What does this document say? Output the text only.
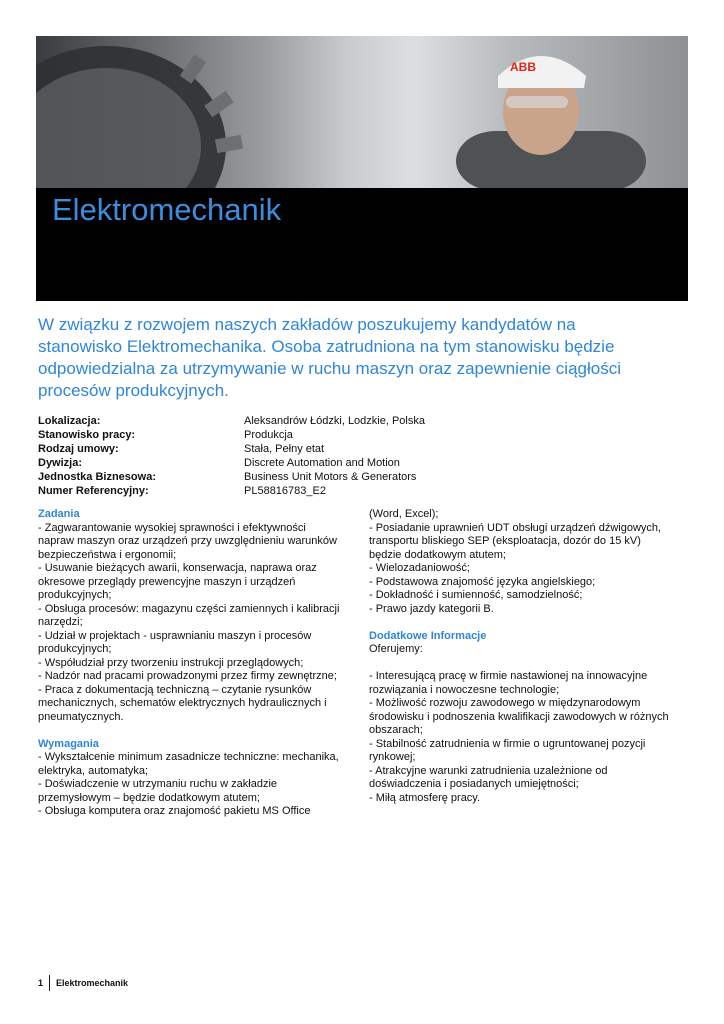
ABB
Elektromechanik
W związku z rozwojem naszych zakładów poszukujemy kandydatów na stanowisko Elektromechanika. Osoba zatrudniona na tym stanowisku będzie odpowiedzialna za utrzymywanie w ruchu maszyn oraz zapewnienie ciągłości procesów produkcyjnych.
Lokalizacja:	Aleksandrów Łódzki, Lodzkie, Polska
Stanowisko pracy:	Produkcja
Rodzaj umowy:	Stała, Pełny etat
Dywizja:	Discrete Automation and Motion
Jednostka Biznesowa:	Business Unit Motors & Generators
Numer Referencyjny:	PL58816783_E2
Zadania
- Zagwarantowanie wysokiej sprawności i efektywności
napraw maszyn oraz urządzeń przy uwzględnieniu warunków
bezpieczeństwa i ergonomii;
- Usuwanie bieżących awarii, konserwacja, naprawa oraz
okresowe przeglądy prewencyjne maszyn i urządzeń
produkcyjnych;
- Obsługa procesów: magazynu części zamiennych i kalibracji
narzędzi;
- Udział w projektach - usprawnianiu maszyn i procesów
produkcyjnych;
- Współudział przy tworzeniu instrukcji przeglądowych;
- Nadzór nad pracami prowadzonymi przez firmy zewnętrzne;
- Praca z dokumentacją techniczną – czytanie rysunków
mechanicznych, schematów elektrycznych hydraulicznych i
pneumatycznych.
Wymagania
- Wykształcenie minimum zasadnicze techniczne: mechanika,
elektryka, automatyka;
- Doświadczenie w utrzymaniu ruchu w zakładzie
przemysłowym – będzie dodatkowym atutem;
- Obsługa komputera oraz znajomość pakietu MS Office
(Word, Excel);
- Posiadanie uprawnień UDT obsługi urządzeń dźwigowych,
transportu bliskiego SEP (eksploatacja, dozór do 15 kV)
będzie dodatkowym atutem;
- Wielozadaniowość;
- Podstawowa znajomość języka angielskiego;
- Dokładność i sumienność, samodzielność;
- Prawo jazdy kategorii B.
Dodatkowe Informacje
Oferujemy:
- Interesującą pracę w firmie nastawionej na innowacyjne
rozwiązania i nowoczesne technologie;
- Możliwość rozwoju zawodowego w międzynarodowym
środowisku i podnoszenia kwalifikacji zawodowych w różnych
obszarach;
- Stabilność zatrudnienia w firmie o ugruntowanej pozycji
rynkowej;
- Atrakcyjne warunki zatrudnienia uzależnione od
doświadczenia i posiadanych umiejętności;
- Miłą atmosferę pracy.
1 Elektromechanik
